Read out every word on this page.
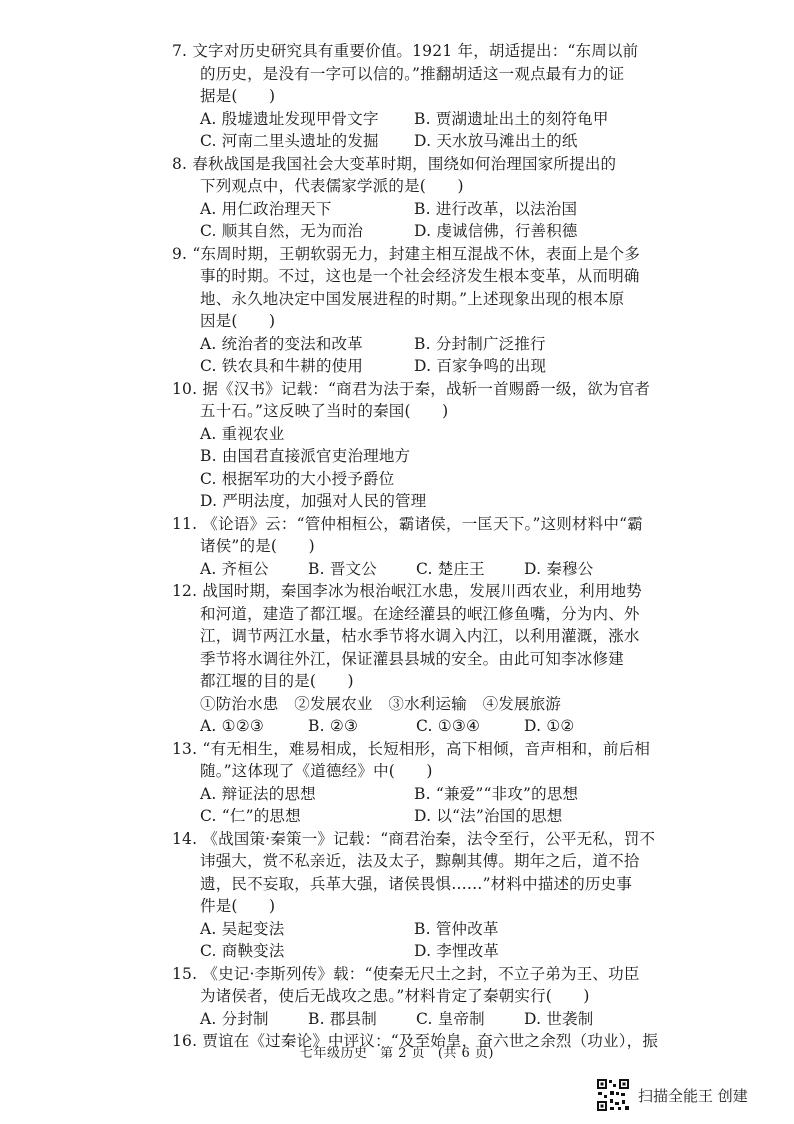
7. 文字对历史研究具有重要价值。1921 年，胡适提出：“东周以前
的历史，是没有一字可以信的。”推翻胡适这一观点最有力的证
据是(　　)
A. 殷墟遗址发现甲骨文字	B. 贾湖遗址出土的刻符龟甲
C. 河南二里头遗址的发掘	D. 天水放马滩出土的纸
8. 春秋战国是我国社会大变革时期，围绕如何治理国家所提出的
下列观点中，代表儒家学派的是(　　)
A. 用仁政治理天下	B. 进行改革，以法治国
C. 顺其自然，无为而治	D. 虔诚信佛，行善积德
9. “东周时期，王朝软弱无力，封建主相互混战不休，表面上是个多
事的时期。不过，这也是一个社会经济发生根本变革，从而明确
地、永久地决定中国发展进程的时期。”上述现象出现的根本原
因是(　　)
A. 统治者的变法和改革	B. 分封制广泛推行
C. 铁农具和牛耕的使用	D. 百家争鸣的出现
10. 据《汉书》记载：“商君为法于秦，战斩一首赐爵一级，欲为官者
五十石。”这反映了当时的秦国(　　)
A. 重视农业
B. 由国君直接派官吏治理地方
C. 根据军功的大小授予爵位
D. 严明法度，加强对人民的管理
11. 《论语》云：“管仲相桓公，霸诸侯，一匡天下。”这则材料中“霸
诸侯”的是(　　)
A. 齐桓公	B. 晋文公	C. 楚庄王	D. 秦穆公
12. 战国时期，秦国李冰为根治岷江水患，发展川西农业，利用地势
和河道，建造了都江堰。在途经灌县的岷江修鱼嘴，分为内、外
江，调节两江水量，枯水季节将水调入内江，以利用灌溉，涨水
季节将水调往外江，保证灌县县城的安全。由此可知李冰修建
都江堰的目的是(　　)
①防治水患　②发展农业　③水利运输　④发展旅游
A. ①②③	B. ②③	C. ①③④	D. ①②
13. “有无相生，难易相成，长短相形，高下相倾，音声相和，前后相
随。”这体现了《道德经》中(　　)
A. 辩证法的思想	B. “兼爱”“非攻”的思想
C. “仁”的思想	D. 以“法”治国的思想
14. 《战国策·秦策一》记载：“商君治秦，法令至行，公平无私，罚不
讳强大，赏不私亲近，法及太子，黥劓其傅。期年之后，道不拾
遗，民不妄取，兵革大强，诸侯畏惧……”材料中描述的历史事
件是(　　)
A. 吴起变法	B. 管仲改革
C. 商鞅变法	D. 李悝改革
15. 《史记·李斯列传》载：“使秦无尺土之封，不立子弟为王、功臣
为诸侯者，使后无战攻之患。”材料肯定了秦朝实行(　　)
A. 分封制	B. 郡县制	C. 皇帝制	D. 世袭制
16. 贾谊在《过秦论》中评议：“及至始皇，奋六世之余烈（功业），振
七年级历史 第 2 页 (共 6 页)
扫描全能王 创建
